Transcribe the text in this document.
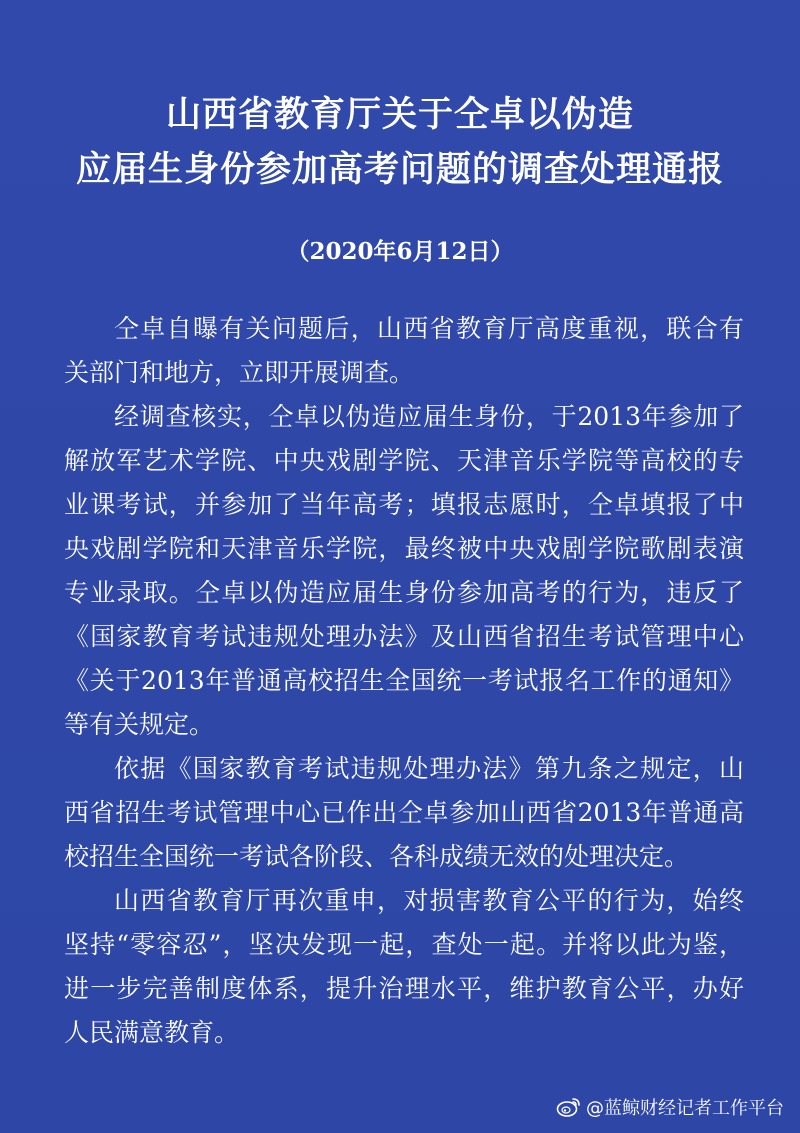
山西省教育厅关于仝卓以伪造
应届生身份参加高考问题的调查处理通报
（2020年6月12日）
仝卓自曝有关问题后，山西省教育厅高度重视，联合有
关部门和地方，立即开展调查。
经调查核实，仝卓以伪造应届生身份，于2013年参加了
解放军艺术学院、中央戏剧学院、天津音乐学院等高校的专
业课考试，并参加了当年高考；填报志愿时，仝卓填报了中
央戏剧学院和天津音乐学院，最终被中央戏剧学院歌剧表演
专业录取。仝卓以伪造应届生身份参加高考的行为，违反了
《国家教育考试违规处理办法》及山西省招生考试管理中心
《关于2013年普通高校招生全国统一考试报名工作的通知》
等有关规定。
依据《国家教育考试违规处理办法》第九条之规定，山
西省招生考试管理中心已作出仝卓参加山西省2013年普通高
校招生全国统一考试各阶段、各科成绩无效的处理决定。
山西省教育厅再次重申，对损害教育公平的行为，始终
坚持“零容忍”，坚决发现一起，查处一起。并将以此为鉴，
进一步完善制度体系，提升治理水平，维护教育公平，办好
人民满意教育。
@蓝鲸财经记者工作平台
